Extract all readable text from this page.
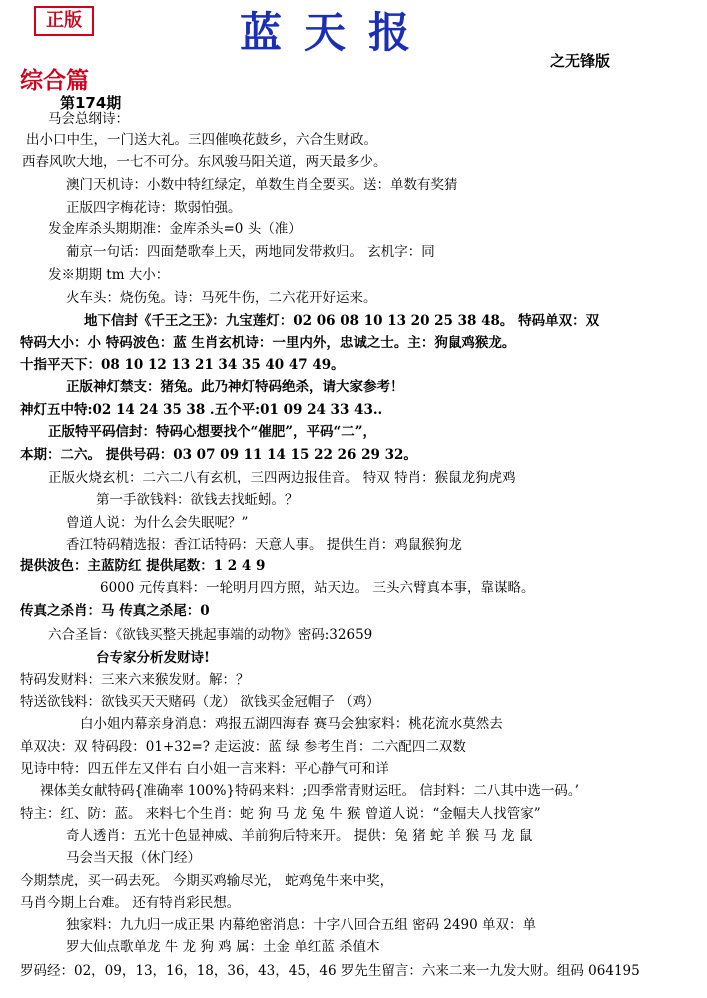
正版	蓝天报
之无锋版
综合篇
第174期
马会总纲诗：
出小口中生，一门送大礼。三四催唤花鼓乡，六合生财政。
西春风吹大地，一七不可分。东风骏马阳关道，两天最多少。
澳门天机诗：小数中特红绿定，单数生肖全要买。送：单数有奖猜
正版四字梅花诗：欺弱怕强。
发金库杀头期期准：金库杀头=0 头（准）
葡京一句话：四面楚歌奉上天，两地同发带救归。 玄机字：同
发※期期 tm 大小：
火车头：烧伤兔。诗：马死牛伤，二六花开好运来。
地下信封《千王之王》：九宝莲灯：02 06 08 10 13 20 25 38 48。 特码单双：双
特码大小：小 特码波色：蓝 生肖玄机诗：一里内外，忠诚之士。主：狗鼠鸡猴龙。
十指平天下：08 10 12 13 21 34 35 40 47 49。
正版神灯禁支：猪兔。此乃神灯特码绝杀，请大家参考！
神灯五中特:02 14 24 35 38 .五个平:01 09 24 33 43..
正版特平码信封：特码心想要找个“催肥”，平码“二”，
本期：二六。 提供号码：03 07 09 11 14 15 22 26 29 32。
正版火烧玄机：二六二八有玄机，三四两边报佳音。 特双 特肖：猴鼠龙狗虎鸡
第一手欲钱料：欲钱去找蚯蚓。？
曾道人说：为什么会失眠呢？”
香江特码精选报：香江话特码：天意人事。 提供生肖：鸡鼠猴狗龙
提供波色：主蓝防红 提供尾数：1 2 4 9
6000 元传真料：一轮明月四方照，站天边。 三头六臂真本事，靠谋略。
传真之杀肖：马 传真之杀尾：0
六合圣旨：《欲钱买整天挑起事端的动物》密码:32659
台专家分析发财诗!
特码发财料：三来六来猴发财。解：？
特送欲钱料：欲钱买天天赌码（龙） 欲钱买金冠帽子 （鸡）
白小姐内幕亲身消息：鸡报五湖四海春 赛马会独家料：桃花流水莫然去
单双决：双 特码段：01+32=? 走运波：蓝 绿 参考生肖：二六配四二双数
见诗中特：四五伴左又伴右 白小姐一言来料：平心静气可和详
裸体美女献特码{准确率 100%}特码来料：;四季常青财运旺。 信封料：二八其中选一码。’
特主：红、防：蓝。 来料七个生肖：蛇 狗 马 龙 兔 牛 猴 曾道人说：“金幅夫人找管家”
奇人透肖：五光十色显神威、羊前狗后特来开。 提供：兔 猪 蛇 羊 猴 马 龙 鼠
马会当天报（休门经）
今期禁虎，买一码去死。 今期买鸡输尽光， 蛇鸡兔牛来中奖，
马肖今期上台难。 还有特肖彩民想。
独家料：九九归一成正果 内幕绝密消息：十字八回合五组 密码 2490 单双：单
罗大仙点歌单龙 牛 龙 狗 鸡 属：土金 单红蓝 杀值木
罗码经：02，09，13，16，18，36，43，45，46 罗先生留言：六来二来一九发大财。组码 064195
